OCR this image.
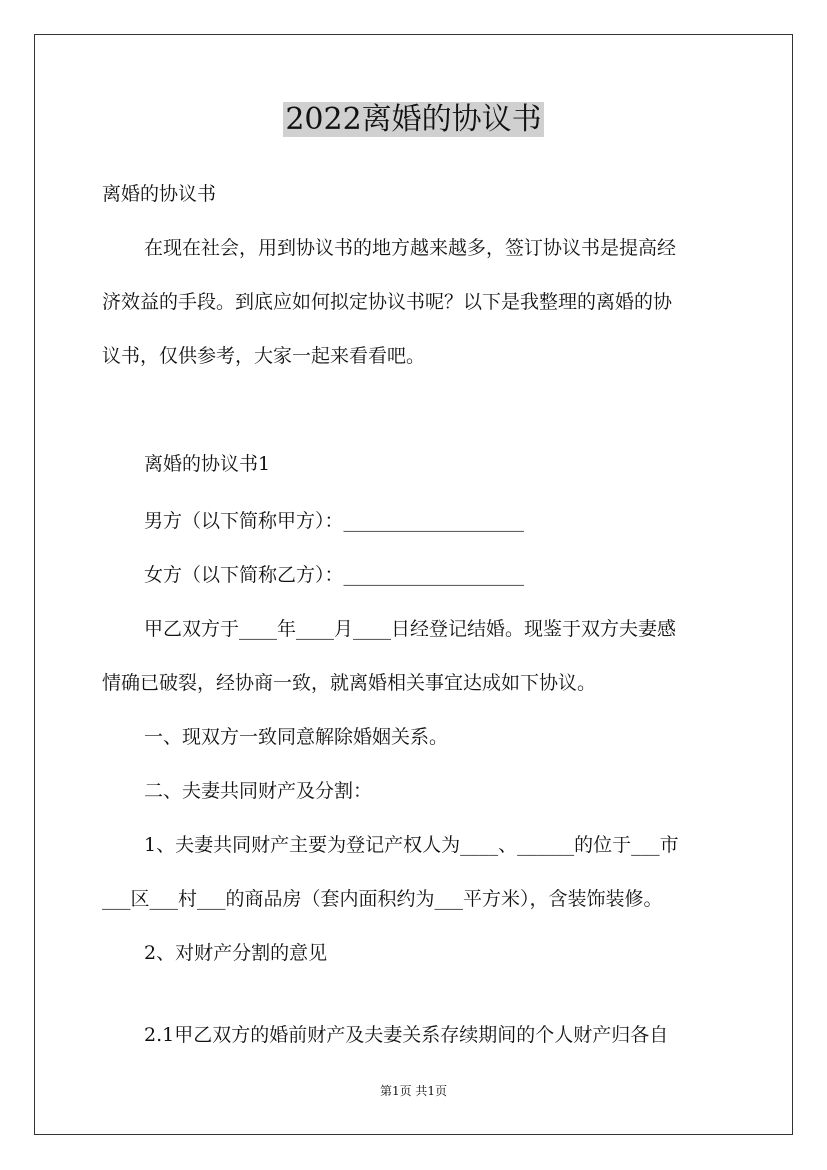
2022离婚的协议书
离婚的协议书
在现在社会，用到协议书的地方越来越多，签订协议书是提高经
济效益的手段。到底应如何拟定协议书呢？以下是我整理的离婚的协
议书，仅供参考，大家一起来看看吧。
离婚的协议书1
男方（以下简称甲方）：___________________
女方（以下简称乙方）：___________________
甲乙双方于____年____月____日经登记结婚。现鉴于双方夫妻感
情确已破裂，经协商一致，就离婚相关事宜达成如下协议。
一、现双方一致同意解除婚姻关系。
二、夫妻共同财产及分割：
1、夫妻共同财产主要为登记产权人为____、______的位于___市
___区___村___的商品房（套内面积约为___平方米），含装饰装修。
2、对财产分割的意见
2.1甲乙双方的婚前财产及夫妻关系存续期间的个人财产归各自
第1页 共1页
